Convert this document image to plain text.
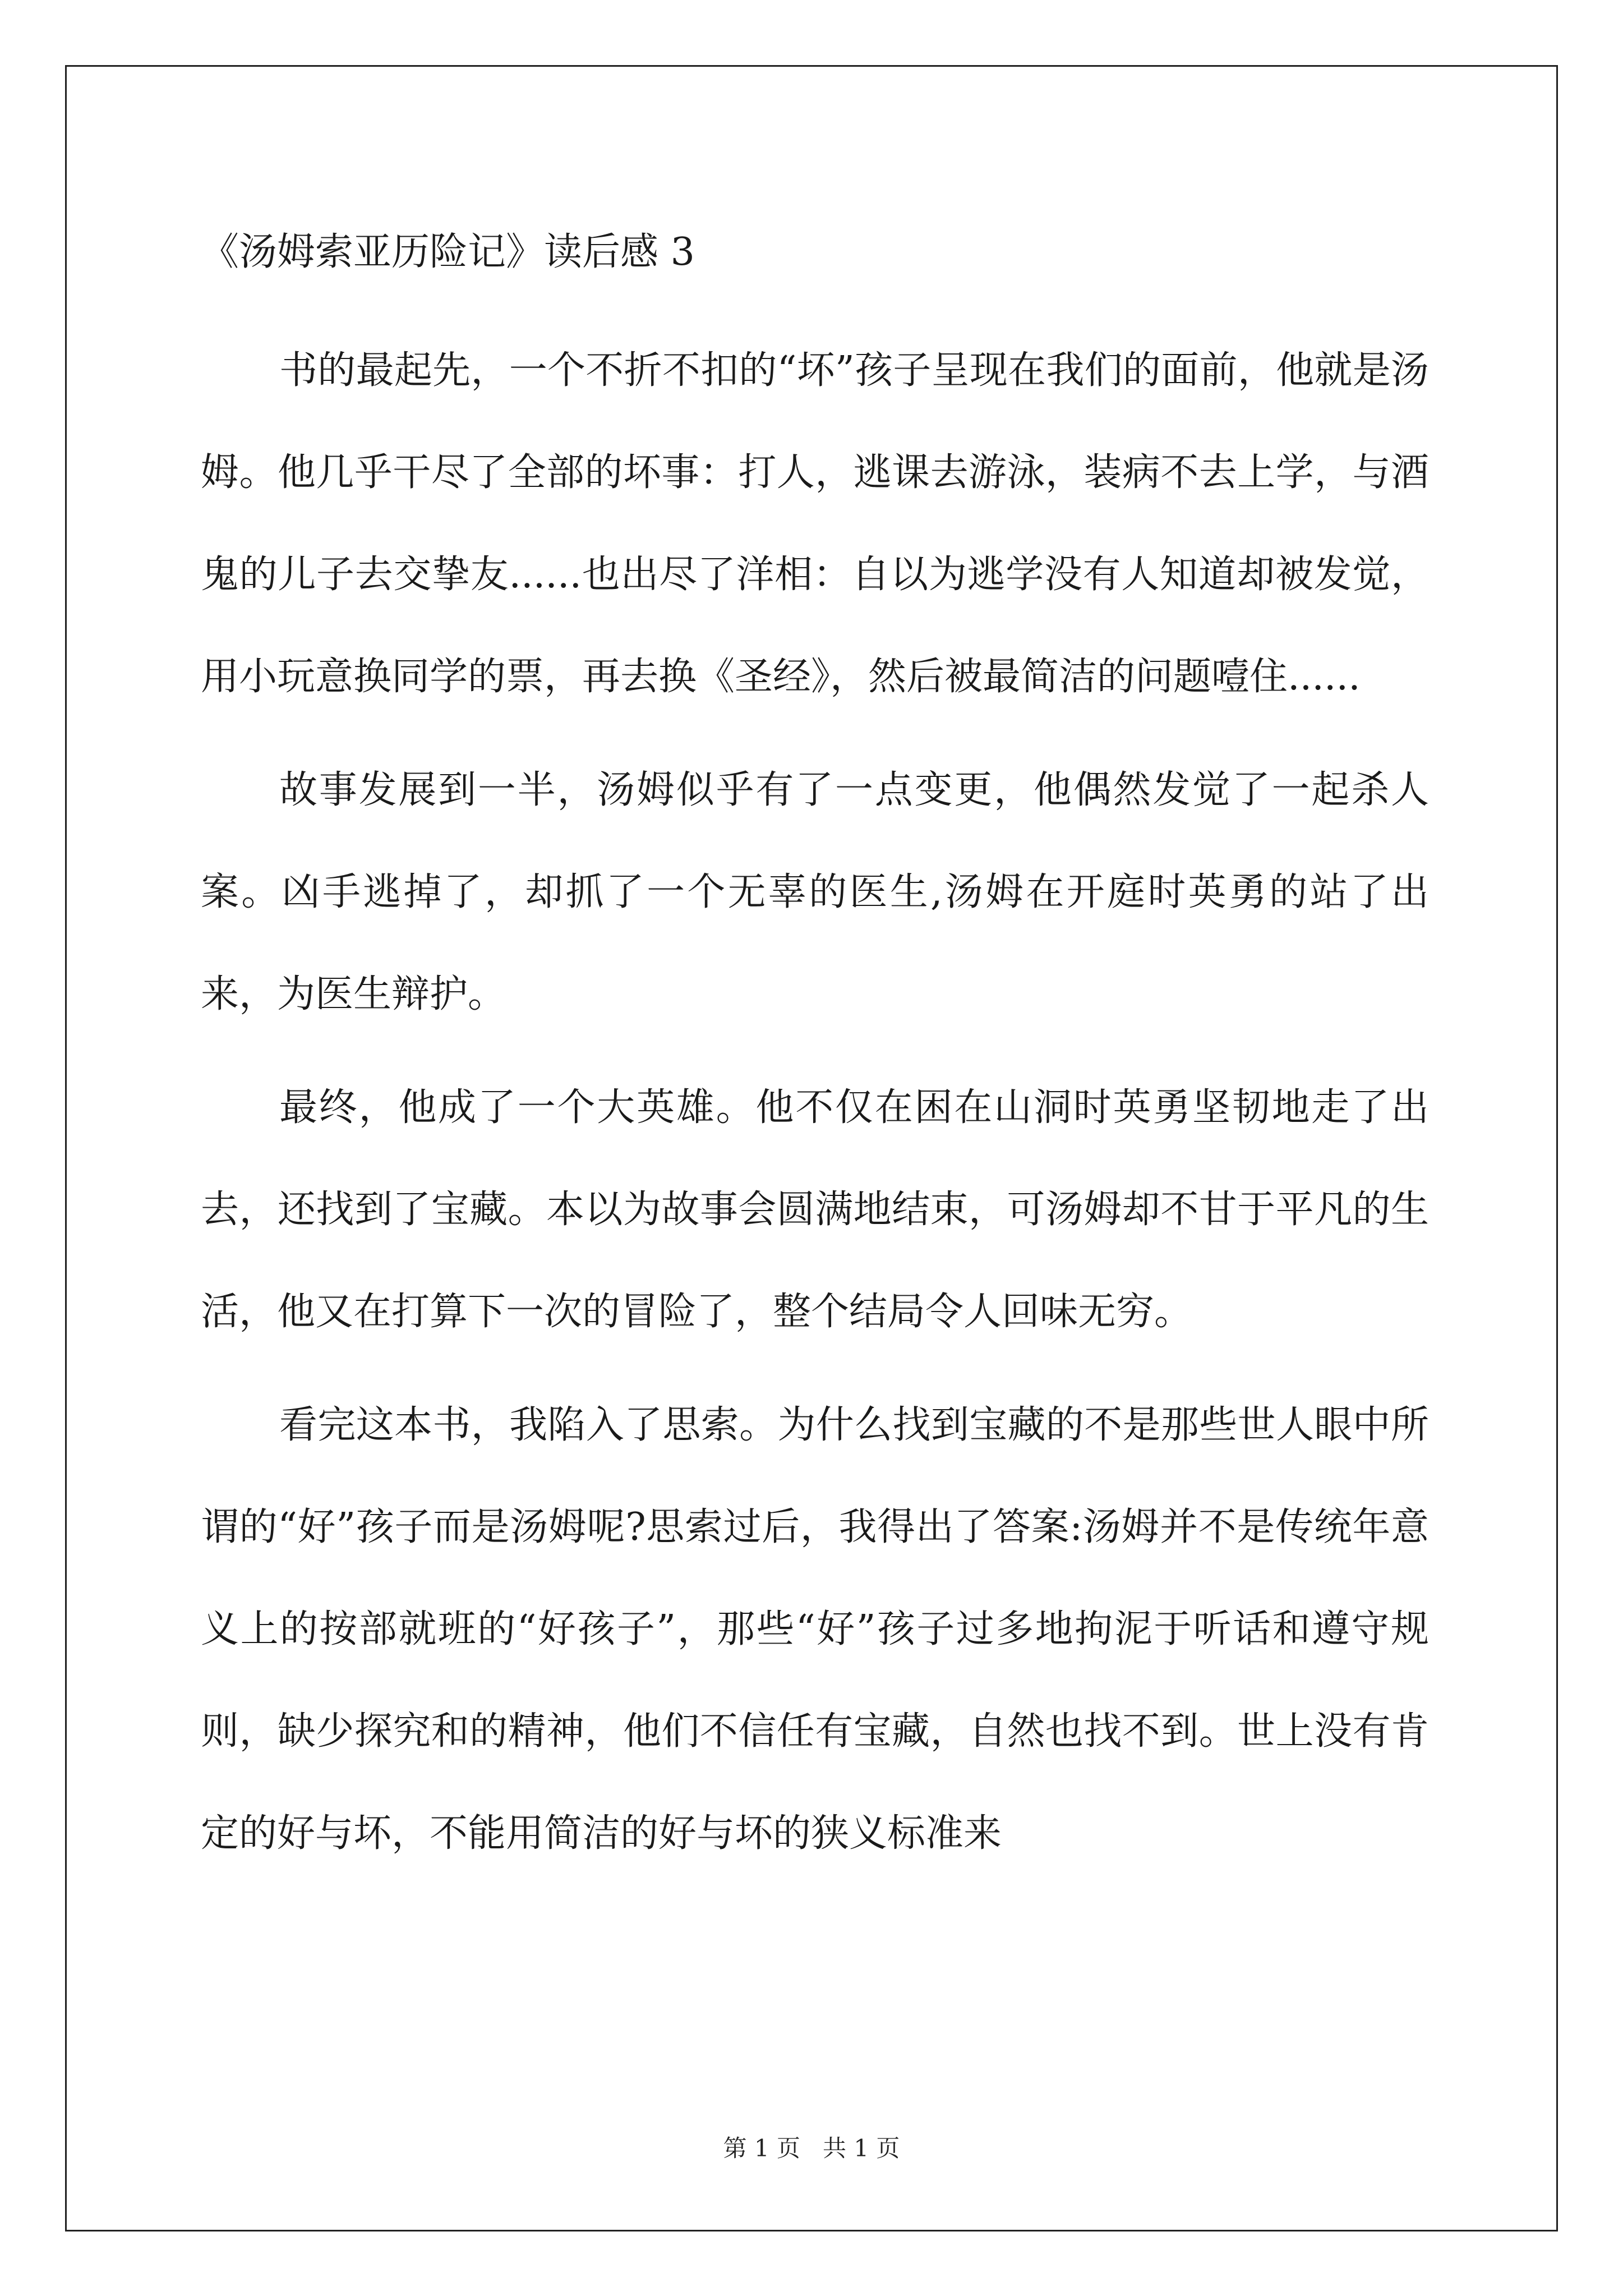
《汤姆索亚历险记》读后感 3

书的最起先，一个不折不扣的“坏”孩子呈现在我们的面前，他就是汤姆。他几乎干尽了全部的坏事：打人，逃课去游泳，装病不去上学，与酒鬼的儿子去交挚友......也出尽了洋相：自以为逃学没有人知道却被发觉，用小玩意换同学的票，再去换《圣经》，然后被最简洁的问题噎住......

故事发展到一半，汤姆似乎有了一点变更，他偶然发觉了一起杀人案。凶手逃掉了，却抓了一个无辜的医生,汤姆在开庭时英勇的站了出来，为医生辩护。

最终，他成了一个大英雄。他不仅在困在山洞时英勇坚韧地走了出去，还找到了宝藏。本以为故事会圆满地结束，可汤姆却不甘于平凡的生活，他又在打算下一次的冒险了，整个结局令人回味无穷。

看完这本书，我陷入了思索。为什么找到宝藏的不是那些世人眼中所谓的“好”孩子而是汤姆呢?思索过后，我得出了答案:汤姆并不是传统年意义上的按部就班的“好孩子”，那些“好”孩子过多地拘泥于听话和遵守规则，缺少探究和的精神，他们不信任有宝藏，自然也找不到。世上没有肯定的好与坏，不能用简洁的好与坏的狭义标准来

第 1 页 共 1 页
